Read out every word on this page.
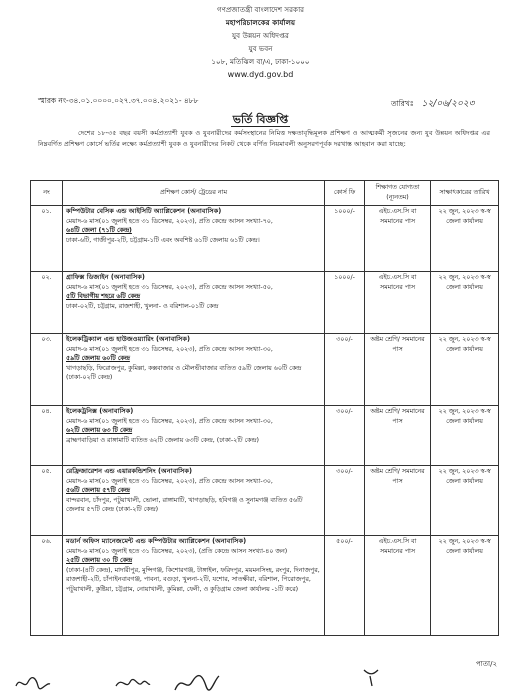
গণপ্রজাতন্ত্রী বাংলাদেশ সরকার
মহাপরিচালকের কার্যালয়
যুব উন্নয়ন অধিদপ্তর
যুব ভবন
১০৮, মতিঝিল বা/এ, ঢাকা-১০০০
www.dyd.gov.bd
স্মারক নং-৩৪.০১.০০০০.০২৭.৩৭.০০৪.২০২১- ৪৮৮	তারিখঃ ১২/০৬/২০২৩
ভর্তি বিজ্ঞপ্তি
দেশের ১৮-৩৫ বছর বয়সী কর্মপ্রত্যাশী যুবক ও যুবনারীদের কর্মসংস্থানের নিমিত্ত দক্ষতাবৃদ্ধিমূলক প্রশিক্ষণ ও আত্মকর্মী সৃজনের জন্য যুব উন্নয়ন অধিদপ্তর এর নিম্নবর্ণিত প্রশিক্ষণ কোর্সে ভর্তির লক্ষ্যে কর্মপ্রত্যাশী যুবক ও যুবনারীদের নিকট থেকে বর্ণিত নিয়মাবলী অনুসরণপূর্বক দরখাস্ত আহবান করা যাচ্ছে:
নং	প্রশিক্ষণ কোর্স/ ট্রেডের নাম	কোর্স ফি	শিক্ষাগত যোগ্যতা (ন্যূনতম)	সাক্ষাৎকারের তারিখ
০১.	কম্পিউটার বেসিক এন্ড আইসিটি অ্যাপ্লিকেশন (অনাবাসিক)
মেয়াদ-৬ মাস(০১ জুলাই হতে ৩১ ডিসেম্বর, ২০২৩), প্রতি কেন্দ্রে আসন সংখ্যা-৭০,
৬৪টি জেলা (৭১টি কেন্দ্র)
ঢাকা-৬টি, গাজীপুর-২টি, চট্টগ্রাম-১টি এবং অবশিষ্ট ৬১টি জেলায় ৬১টি কেন্দ্র।	১০০০/-	এইচ.এস.সি বা সমমানের পাস	২২ জুন, ২০২৩ স্ব-স্ব জেলা কার্যালয়
০২.	গ্রাফিক্স ডিজাইন (অনাবাসিক)
মেয়াদ-৬ মাস(০১ জুলাই হতে ৩১ ডিসেম্বর, ২০২৩), প্রতি কেন্দ্রে আসন সংখ্যা-৫০,
৫টি বিভাগীয় শহরে ৬টি কেন্দ্র
ঢাকা-০২টি, চট্টগ্রাম, রাজশাহী, খুলনা- ও বরিশাল-০১টি কেন্দ্র	১০০০/-	এইচ.এস.সি বা সমমানের পাস	২২ জুন, ২০২৩ স্ব-স্ব জেলা কার্যালয়
০৩.	ইলেকট্রিক্যাল এন্ড হাউজওয়্যারিং (অনাবাসিক)
মেয়াদ-৬ মাস(০১ জুলাই হতে ৩১ ডিসেম্বর, ২০২৩), প্রতি কেন্দ্রে আসন সংখ্যা-৩০,
৫৯টি জেলায় ৬০টি কেন্দ্র
খাগড়াছড়ি, ফিরোজপুর, কুমিল্লা, কক্সবাজার ও মৌলভীবাজার ব্যতিত ৫৯টি জেলায় ৬০টি কেন্দ্র (ঢাকা-০২টি কেন্দ্র)	৩০০/-	অষ্টম শ্রেণি/ সমমানের পাস	২২ জুন, ২০২৩ স্ব-স্ব জেলা কার্যালয়
০৪.	ইলেকট্রনিক্স (অনাবাসিক)
মেয়াদ-৬ মাস(০১ জুলাই হতে ৩১ ডিসেম্বর, ২০২৩), প্রতি কেন্দ্রে আসন সংখ্যা-৩০,
৬২টি জেলায় ৬৩ টি কেন্দ্র
ব্রাহ্মণবাড়িয়া ও রাঙ্গামাটি ব্যতিত ৬২টি জেলায় ৬৩টি কেন্দ্র, (ঢাকা-২টি কেন্দ্র)	৩০০/-	অষ্টম শ্রেণি/ সমমানের পাস	২২ জুন, ২০২৩ স্ব-স্ব জেলা কার্যালয়
০৫.	রেফ্রিজারেশন এন্ড এয়ারকন্ডিশনিং (অনাবাসিক)
মেয়াদ-৬ মাস(০১ জুলাই হতে ৩১ ডিসেম্বর, ২০২৩), প্রতি কেন্দ্রে আসন সংখ্যা-৩০,
৫৬টি জেলায় ৫৭টি কেন্দ্র
বান্দরবান, চাঁদপুর, পটুয়াখালী, ভোলা, রাঙ্গামাটি, খাগড়াছড়ি, হবিগঞ্জ ও সুনামগঞ্জ ব্যতিত ৫৬টি জেলায় ৫৭টি কেন্দ্র (ঢাকা-২টি কেন্দ্র)	৩০০/-	অষ্টম শ্রেণি/ সমমানের পাস	২২ জুন, ২০২৩ স্ব-স্ব জেলা কার্যালয়
০৬.	মডার্ন অফিস ম্যানেজমেন্ট এন্ড কম্পিউটার অ্যাপ্লিকেশন (অনাবাসিক)
মেয়াদ-৬ মাস(০১ জুলাই হতে ৩১ ডিসেম্বর, ২০২৩), (প্রতি কেন্দ্রে আসন সংখ্যা-৪০ জন)
২৫টি জেলায় ৩০ টি কেন্দ্র
(ঢাকা-(৪টি কেন্দ্র), মাদারীপুর, মুন্সিগঞ্জ, কিশোরগঞ্জ, টাঙ্গাইল, ফরিদপুর, ময়মনসিংহ, রংপুর, দিনাজপুর, রাজশাহী-২টি, চাঁপাইনবাবগঞ্জ, পাবনা, বগুড়া, খুলনা-২টি, যশোর, সাতক্ষীরা, বরিশাল, পিরোজপুর, পটুয়াখালী, কুষ্টিয়া, চট্টগ্রাম, নোয়াখালী, কুমিল্লা, ফেনী, ও কুড়িগ্রাম জেলা কার্যালয় -১টি করে)	৫০০/-	এইচ.এস.সি বা সমমানের পাস	২২ জুন, ২০২৩ স্ব-স্ব জেলা কার্যালয়
পাতা/২
